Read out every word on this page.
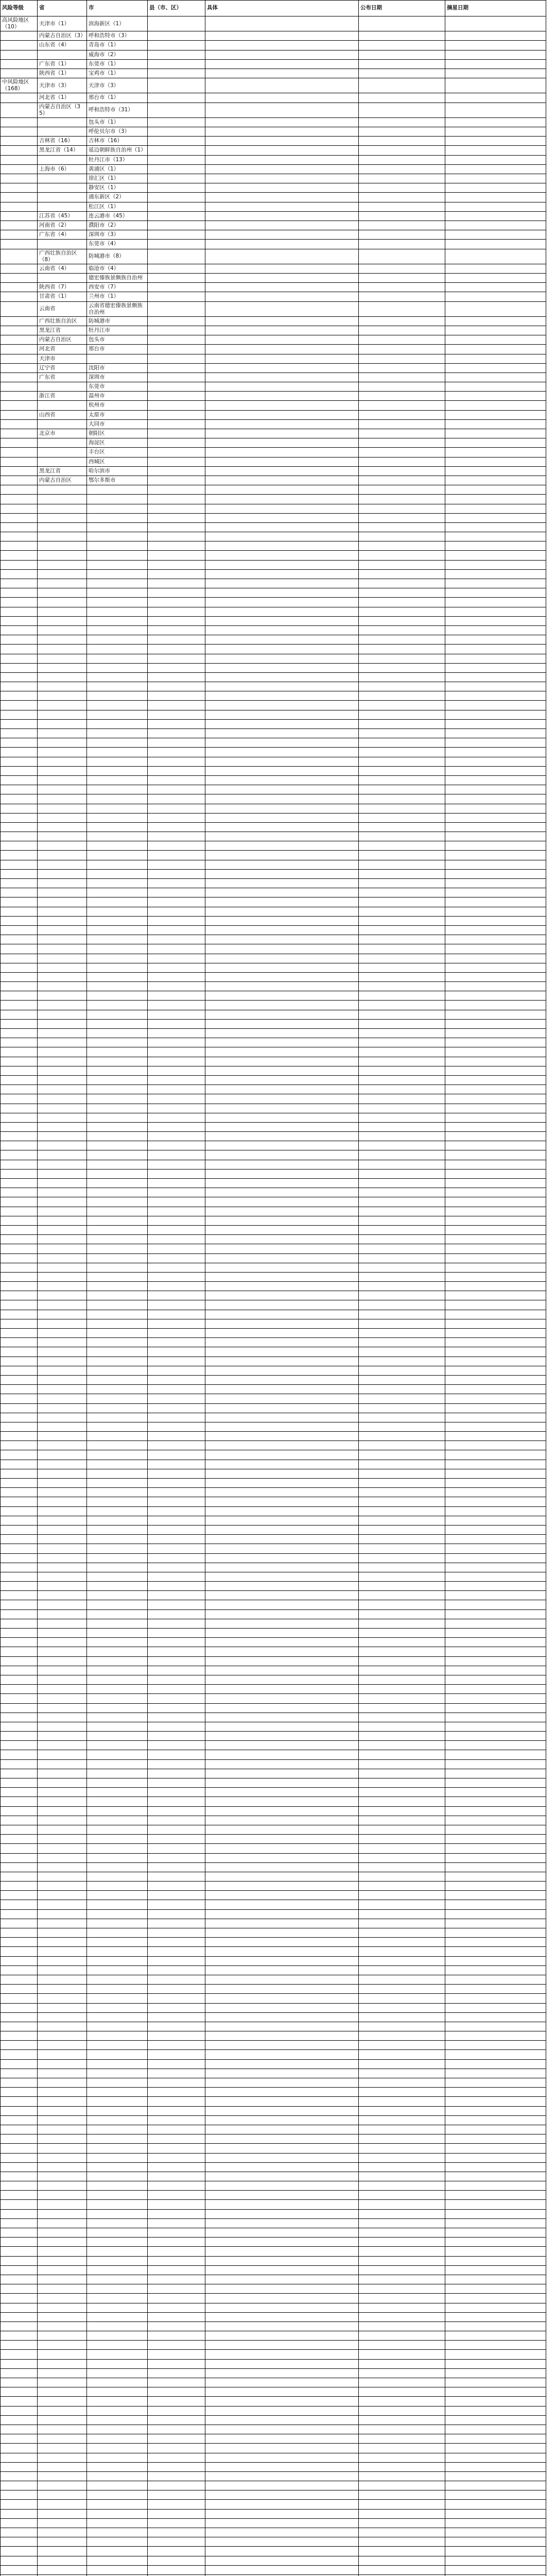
风险等级	省	市	县（市、区）	具体	公布日期	摘星日期
高风险地区（10）	天津市（1）	滨海新区（1）				
	内蒙古自治区（3）	呼和浩特市（3）				
	山东省（4）	青岛市（1）				
		威海市（2）				
	广东省（1）	东莞市（1）				
	陕西省（1）	宝鸡市（1）				
中风险地区（168）	天津市（3）	天津市（3）				
	河北省（1）	邢台市（1）				
	内蒙古自治区（35）	呼和浩特市（31）				
		包头市（1）				
		呼伦贝尔市（3）				
	吉林省（16）	吉林市（16）				
	黑龙江省（14）	延边朝鲜族自治州（1）				
		牡丹江市（13）				
	上海市（6）	黄浦区（1）				
		徐汇区（1）				
		静安区（1）				
		浦东新区（2）				
		松江区（1）				
	江苏省（45）	连云港市（45）				
	河南省（2）	濮阳市（2）				
	广东省（4）	深圳市（3）				
		东莞市（4）				
	广西壮族自治区（8）	防城港市（8）				
	云南省（4）	临沧市（4）				
		德宏傣族景颇族自治州				
	陕西省（7）	西安市（7）				
	甘肃省（1）	兰州市（1）				
	云南省	云南省德宏傣族景颇族自治州				
	广西壮族自治区	防城港市				
	黑龙江省	牡丹江市				
	内蒙古自治区	包头市				
	河北省	邢台市				
	天津市					
	辽宁省	沈阳市				
	广东省	深圳市				
		东莞市				
	浙江省	温州市				
		杭州市				
	山西省	太原市				
		大同市				
	北京市	朝阳区				
		海淀区				
		丰台区				
		西城区				
	黑龙江省	哈尔滨市				
	内蒙古自治区	鄂尔多斯市				
